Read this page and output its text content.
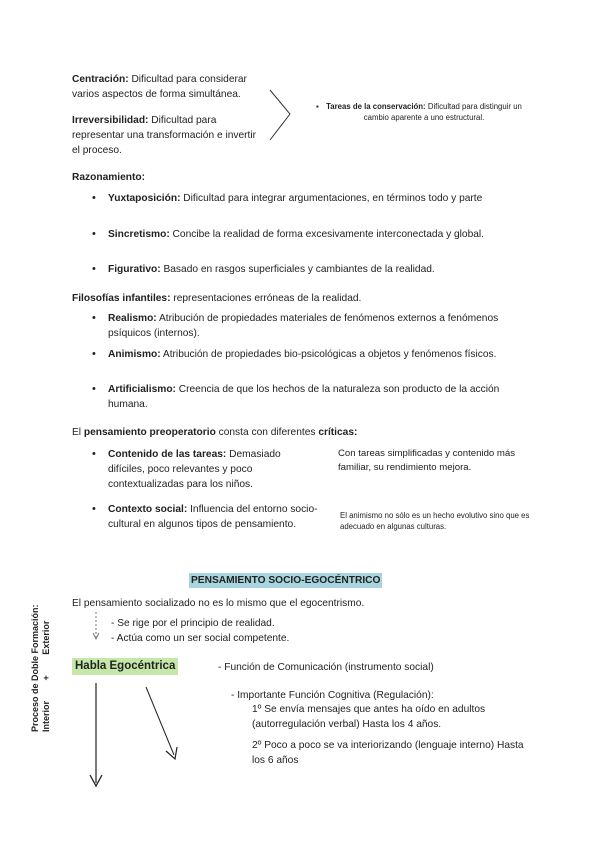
Centración: Dificultad para considerar varios aspectos de forma simultánea.
Irreversibilidad: Dificultad para representar una transformación e invertir el proceso.
▪ Tareas de la conservación: Dificultad para distinguir un cambio aparente a uno estructural.
Razonamiento:
• Yuxtaposición: Dificultad para integrar argumentaciones, en términos todo y parte
• Sincretismo: Concibe la realidad de forma excesivamente interconectada y global.
• Figurativo: Basado en rasgos superficiales y cambiantes de la realidad.
Filosofías infantiles: representaciones erróneas de la realidad.
• Realismo: Atribución de propiedades materiales de fenómenos externos a fenómenos psíquicos (internos).
• Animismo: Atribución de propiedades bio-psicológicas a objetos y fenómenos físicos.
• Artificialismo: Creencia de que los hechos de la naturaleza son producto de la acción humana.
El pensamiento preoperatorio consta con diferentes críticas:
• Contenido de las tareas: Demasiado difíciles, poco relevantes y poco contextualizadas para los niños.
Con tareas simplificadas y contenido más familiar, su rendimiento mejora.
• Contexto social: Influencia del entorno socio-cultural en algunos tipos de pensamiento.
El animismo no sólo es un hecho evolutivo sino que es adecuado en algunas culturas.
PENSAMIENTO SOCIO-EGOCÉNTRICO
El pensamiento socializado no es lo mismo que el egocentrismo.
- Se rige por el principio de realidad.
- Actúa como un ser social competente.
Proceso de Doble Formación: Interior + Exterior
Habla Egocéntrica	- Función de Comunicación (instrumento social)
- Importante Función Cognitiva (Regulación):
1º Se envía mensajes que antes ha oído en adultos (autorregulación verbal) Hasta los 4 años.
2º Poco a poco se va interiorizando (lenguaje interno) Hasta los 6 años
